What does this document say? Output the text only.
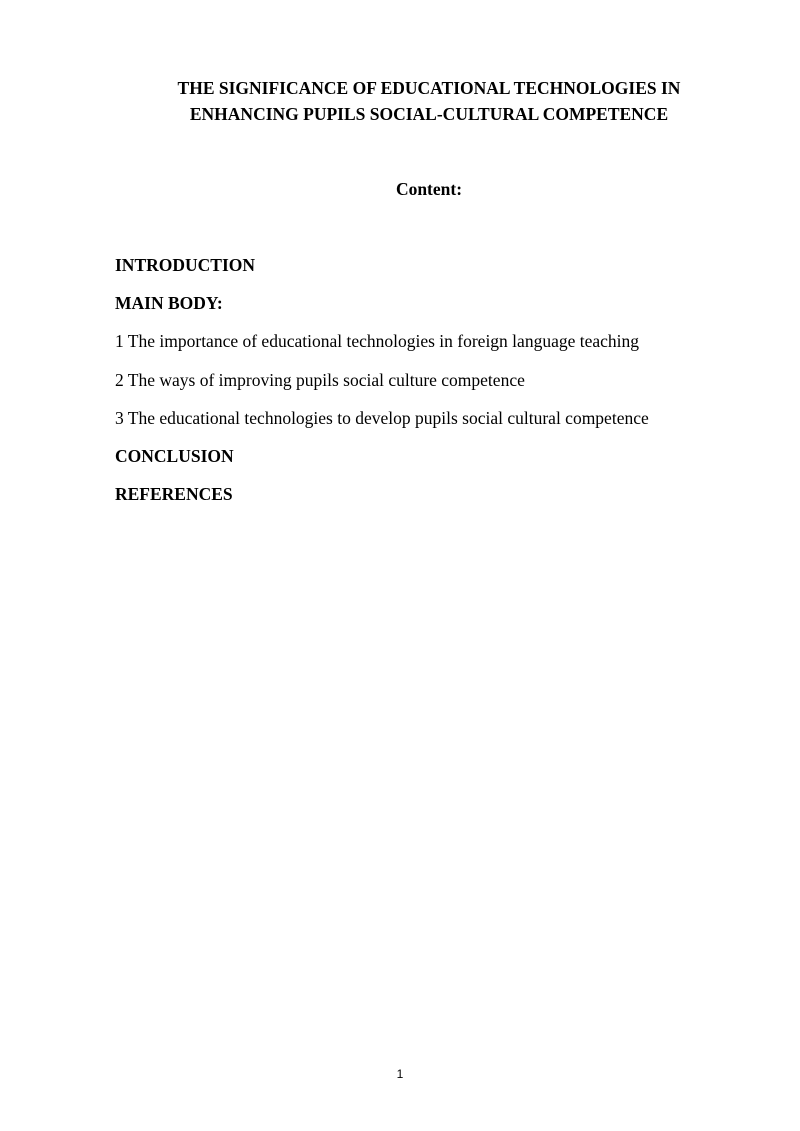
THE SIGNIFICANCE OF EDUCATIONAL TECHNOLOGIES IN
ENHANCING PUPILS SOCIAL-CULTURAL COMPETENCE
Content:
INTRODUCTION
MAIN BODY:
1 The importance of educational technologies in foreign language teaching
2 The ways of improving pupils social culture competence
3 The educational technologies to develop pupils social cultural competence
CONCLUSION
REFERENCES
1
